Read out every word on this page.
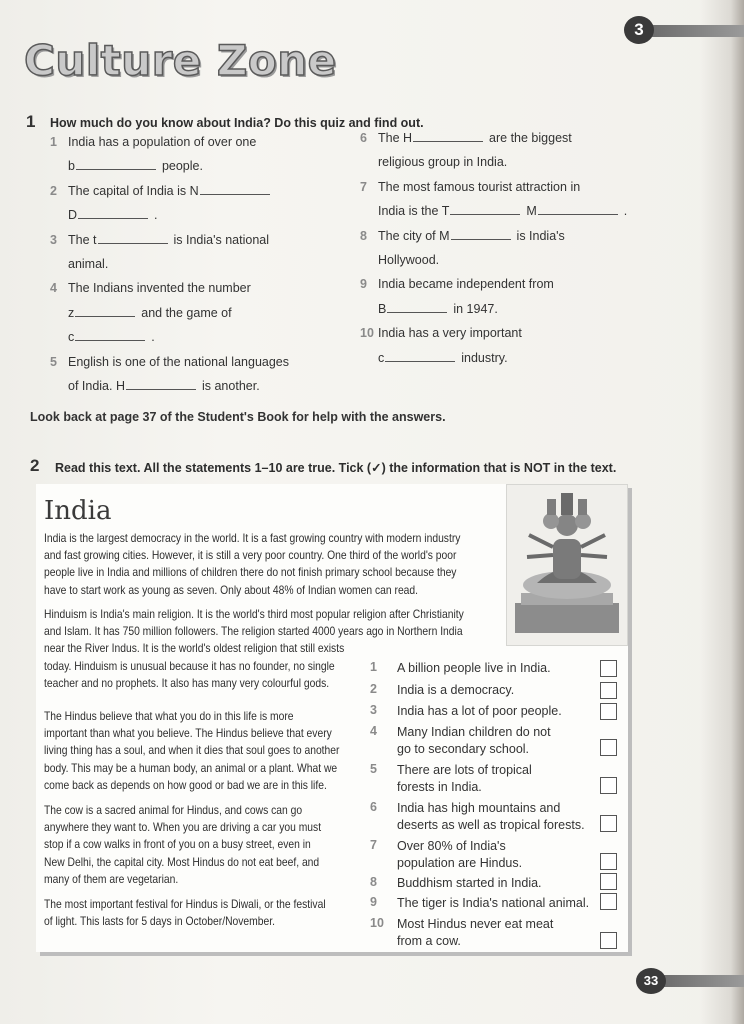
3
Culture Zone
1 How much do you know about India? Do this quiz and find out.
1 India has a population of over one
b	people.
2 The capital of India is N
D	.
3 The t	is India's national
animal.
4 The Indians invented the number
z	and the game of
c	.
5 English is one of the national languages
of India. H	is another.
6 The H	are the biggest
religious group in India.
7 The most famous tourist attraction in
India is the T	M	.
8 The city of M	is India's
Hollywood.
9 India became independent from
B	in 1947.
10 India has a very important
c	industry.
Look back at page 37 of the Student's Book for help with the answers.
2 Read this text. All the statements 1–10 are true. Tick (✓) the information that is NOT in the text.
India
India is the largest democracy in the world. It is a fast growing country with modern industry
and fast growing cities. However, it is still a very poor country. One third of the world's poor
people live in India and millions of children there do not finish primary school because they
have to start work as young as seven. Only about 48% of Indian women can read.
Hinduism is India's main religion. It is the world's third most popular religion after Christianity
and Islam. It has 750 million followers. The religion started 4000 years ago in Northern India
near the River Indus. It is the world's oldest religion that still exists
today. Hinduism is unusual because it has no founder, no single
teacher and no prophets. It also has many very colourful gods.
The Hindus believe that what you do in this life is more
important than what you believe. The Hindus believe that every
living thing has a soul, and when it dies that soul goes to another
body. This may be a human body, an animal or a plant. What we
come back as depends on how good or bad we are in this life.
The cow is a sacred animal for Hindus, and cows can go
anywhere they want to. When you are driving a car you must
stop if a cow walks in front of you on a busy street, even in
New Delhi, the capital city. Most Hindus do not eat beef, and
many of them are vegetarian.
The most important festival for Hindus is Diwali, or the festival
of light. This lasts for 5 days in October/November.
1 A billion people live in India.
2 India is a democracy.
3 India has a lot of poor people.
4 Many Indian children do not
go to secondary school.
5 There are lots of tropical
forests in India.
6 India has high mountains and
deserts as well as tropical forests.
7 Over 80% of India's
population are Hindus.
8 Buddhism started in India.
9 The tiger is India's national animal.
10 Most Hindus never eat meat
from a cow.
33
